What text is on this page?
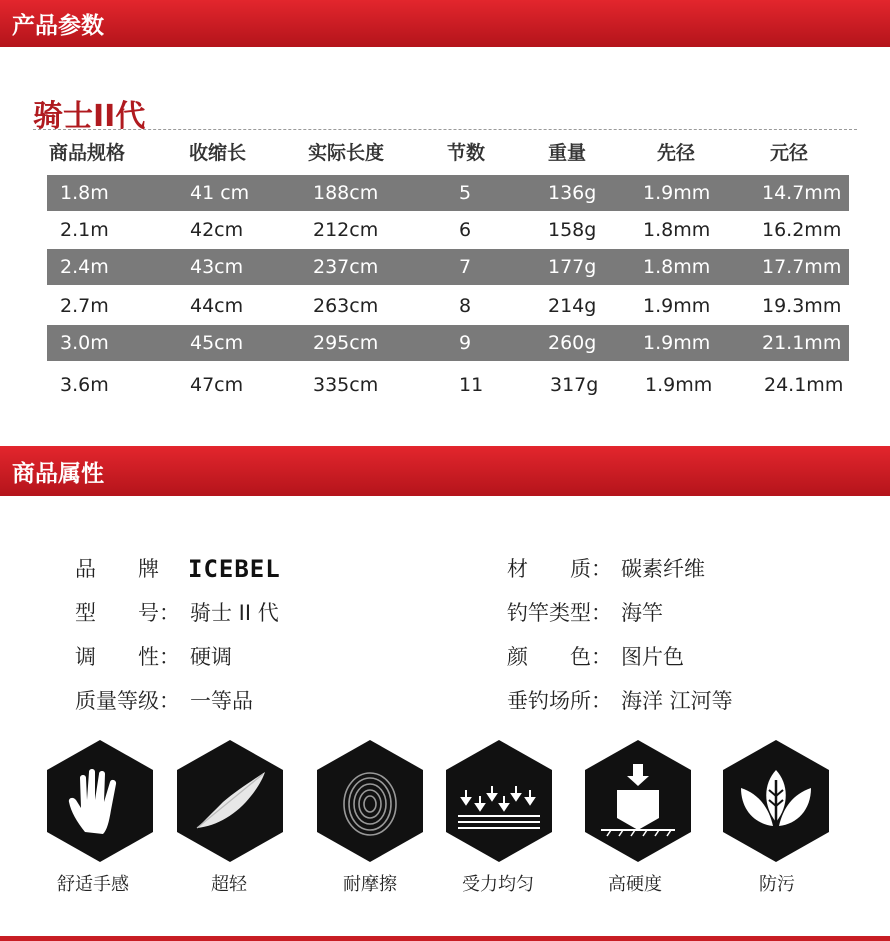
产品参数
骑士II代
商品规格	收缩长	实际长度	节数	重量	先径	元径
1.8m	41 cm	188cm	5	136g 1.9mm	14.7mm
2.1m	42cm	212cm	6	158g 1.8mm	16.2mm
2.4m	43cm	237cm	7	177g 1.8mm	17.7mm
2.7m	44cm	263cm	8	214g 1.9mm	19.3mm
3.0m	45cm	295cm	9	260g 1.9mm	21.1mm
3.6m	47cm	335cm	11	317g 1.9mm	24.1mm
商品属性
品　　牌 ICEBEL
型　　号： 骑士 II 代
调　　性： 硬调
质量等级： 一等品
材　　质： 碳素纤维
钓竿类型： 海竿
颜　　色： 图片色
垂钓场所： 海洋 江河等
舒适手感	超轻	耐摩擦	受力均匀	高硬度	防污
